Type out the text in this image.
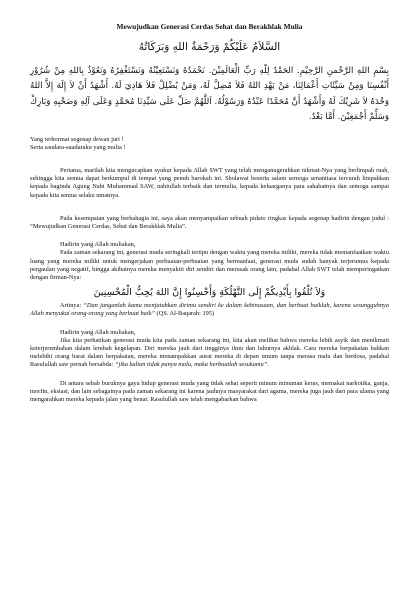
Mewujudkan Generasi Cerdas Sehat dan Berakhlak Mulia
السَّلاَمُ عَلَيْكُمْ وَرَحْمَةُ اللهِ وَبَرَكَاتُهُ
بِسْمِ اللهِ الرَّحْمنِ الرَّحِيْمِ. الحَمْدُ لِلّهِ رَبِّ الْعَالَمِيْنَ. نَحْمَدُهُ وَنَسْتَعِيْنُهُ وَنَسْتَغْفِرُهُ وَنَعُوْذُ بِاللهِ مِنْ شُرُوْرِ أَنْفُسِنَا وَمِنْ سَيِّئَاتِ أَعْمَالِنَا، مَنْ يَهْدِ اللهُ فَلاَ مُضِلَّ لَهُ، وَمَنْ يُضْلِلْ فَلاَ هَادِيَ لَهُ. أَشْهَدُ أَنْ لاَ إِلَهَ إِلاَّ اللهُ وَحْدَهُ لاَ شَرِيْكَ لَهُ وَأَشْهَدُ أَنَّ مُحَمَّدًا عَبْدُهُ وَرَسُوْلُهُ. اَللَّهُمَّ صَلِّ عَلَى سَيِّدِنَا مُحَمَّدٍ وَعَلَى آلِهِ وَصَحْبِهِ وَبَارِكْ وَسَلِّمْ أَجْمَعِيْنَ. أَمَّا بَعْدُ.

Yang terhormat segenap dewan juri !

Serta saudara-saudaraku yang mulia !

Pertama, marilah kita mengucapkan syukur kepada Allah SWT yang telah menganugerahkan nikmat-Nya yang berlimpah ruah, sehingga kita semua dapat berkumpul di tempat yang penuh barokah ini. Sholawat beserta salam semoga senantiasa tercurah limpahkan kepada baginda Agung Nabi Muhammad SAW, nabiullah terbaik dan termulia, kepada keluarganya para sahabatnya dan semoga sampai kepada kita semua selaku umatnya.

Pada kesempatan yang berbahagia ini, saya akan menyampaikan sebuah pidato ringkas kepada segenap hadirin dengan judul : “Mewujudkan Generasi Cerdas, Sehat dan Berakhlak Mulia”.

Hadirin yang Allah muliakan,

Pada zaman sekarang ini, generasi muda seringkali tertipu dengan waktu yang mereka miliki, mereka tidak memanfaatkan waktu luang yang mereka miliki untuk mengerjakan perbuatan-perbuatan yang bermanfaat, generasi muda sudah banyak terjerumus kepada pergaulan yang negatif, hingga akibatnya mereka menyakiti diri sendiri dan merusak orang lain, padahal Allah SWT telah memperingatkan dengan firman-Nya:

وَلاَ تُلْقُوا بِأَيْدِيكُمْ إِلَى التَّهْلُكَةِ وَأَحْسِنُوا إِنَّ اللهَ يُحِبُّ الْمُحْسِنِينَ

Artinya: “Dan janganlah kamu menjatuhkan dirimu sendiri ke dalam kebinasaan, dan berbuat baiklah, karena sesungguhnya Allah menyukai orang-orang yang berbuat baik” (QS. Al-Baqarah: 195)

Hadirin yang Allah muliakan,

Jika kita perhatikan generasi muda kita pada zaman sekarang ini, kita akan melihat bahwa mereka lebih asyik dan menikmati keterjerembaban dalam lembah kegelapan. Diri mereka jauh dari tingginya ilmu dan luhurnya akhlak. Cara mereka berpakaian bahkan melebihi orang barat dalam berpakaian, mereka menampakkan aurat mereka di depan umum tanpa merasa malu dan berdosa, padahal Rasulullah saw pernah bersabda: “jika kalian tidak punya malu, maka berbuatlah sesukamu”.

Di antara sebab buruknya gaya hidup generasi muda yang tidak sehat seperti minum minuman keras, memakai narkotika, ganja, morfin, ekstasi, dan lain sebagainya pada zaman sekarang ini karena jauhnya masyarakat dari agama, mereka juga jauh dari para ulama yang mengarahkan mereka kepada jalan yang benar. Rasulullah saw telah mengabarkan bahwa
